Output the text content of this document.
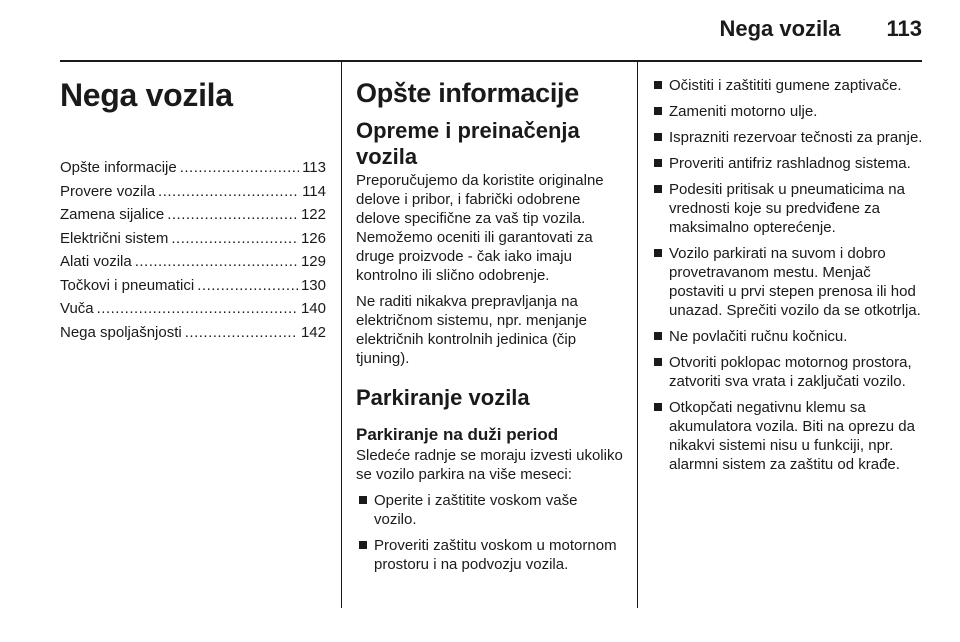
Nega vozila 113
Nega vozila
Opšte informacije .....	113
Provere vozila .....	114
Zamena sijalice .....	122
Električni sistem .....	126
Alati vozila .....	129
Točkovi i pneumatici .....	130
Vuča .....	140
Nega spoljašnjosti .....	142
Opšte informacije
Opreme i preinačenja vozila

Preporučujemo da koristite originalne delove i pribor, i fabrički odobrene delove specifične za vaš tip vozila. Nemožemo oceniti ili garantovati za druge proizvode - čak iako imaju kontrolno ili slično odobrenje.

Ne raditi nikakva prepravljanja na električnom sistemu, npr. menjanje električnih kontrolnih jedinica (čip tjuning).

Parkiranje vozila
Parkiranje na duži period

Sledeće radnje se moraju izvesti ukoliko se vozilo parkira na više meseci:

Operite i zaštitite voskom vaše vozilo.
Proveriti zaštitu voskom u motornom prostoru i na podvozju vozila.
Očistiti i zaštititi gumene zaptivače.
Zameniti motorno ulje.
Isprazniti rezervoar tečnosti za pranje.
Proveriti antifriz rashladnog sistema.
Podesiti pritisak u pneumaticima na vrednosti koje su predviđene za maksimalno opterećenje.
Vozilo parkirati na suvom i dobro provetravanom mestu. Menjač postaviti u prvi stepen prenosa ili hod unazad. Sprečiti vozilo da se otkotrlja.
Ne povlačiti ručnu kočnicu.
Otvoriti poklopac motornog prostora, zatvoriti sva vrata i zaključati vozilo.
Otkopčati negativnu klemu sa akumulatora vozila. Biti na oprezu da nikakvi sistemi nisu u funkciji, npr. alarmni sistem za zaštitu od krađe.
